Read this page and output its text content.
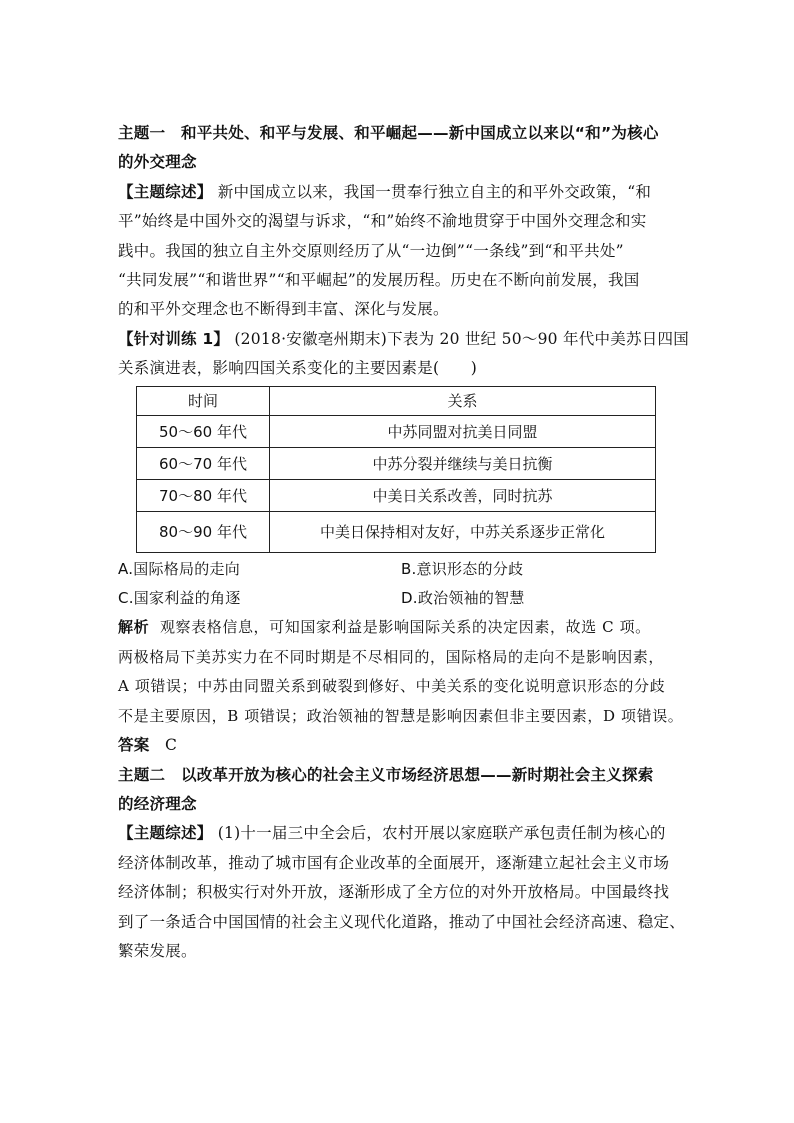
主题一　和平共处、和平与发展、和平崛起——新中国成立以来以“和”为核心
的外交理念
【主题综述】 新中国成立以来，我国一贯奉行独立自主的和平外交政策，“和
平”始终是中国外交的渴望与诉求，“和”始终不渝地贯穿于中国外交理念和实
践中。我国的独立自主外交原则经历了从“一边倒”“一条线”到“和平共处”
“共同发展”“和谐世界”“和平崛起”的发展历程。历史在不断向前发展，我国
的和平外交理念也不断得到丰富、深化与发展。
【针对训练 1】 (2018·安徽亳州期末)下表为 20 世纪 50～90 年代中美苏日四国
关系演进表，影响四国关系变化的主要因素是(　　)
时间	关系
50～60 年代	中苏同盟对抗美日同盟
60～70 年代	中苏分裂并继续与美日抗衡
70～80 年代	中美日关系改善，同时抗苏
80～90 年代	中美日保持相对友好，中苏关系逐步正常化
A.国际格局的走向	B.意识形态的分歧
C.国家利益的角逐	D.政治领袖的智慧
解析 观察表格信息，可知国家利益是影响国际关系的决定因素，故选 C 项。
两极格局下美苏实力在不同时期是不尽相同的，国际格局的走向不是影响因素，
A 项错误；中苏由同盟关系到破裂到修好、中美关系的变化说明意识形态的分歧
不是主要原因，B 项错误；政治领袖的智慧是影响因素但非主要因素，D 项错误。
答案 C
主题二　以改革开放为核心的社会主义市场经济思想——新时期社会主义探索
的经济理念
【主题综述】 (1)十一届三中全会后，农村开展以家庭联产承包责任制为核心的
经济体制改革，推动了城市国有企业改革的全面展开，逐渐建立起社会主义市场
经济体制；积极实行对外开放，逐渐形成了全方位的对外开放格局。中国最终找
到了一条适合中国国情的社会主义现代化道路，推动了中国社会经济高速、稳定、
繁荣发展。
